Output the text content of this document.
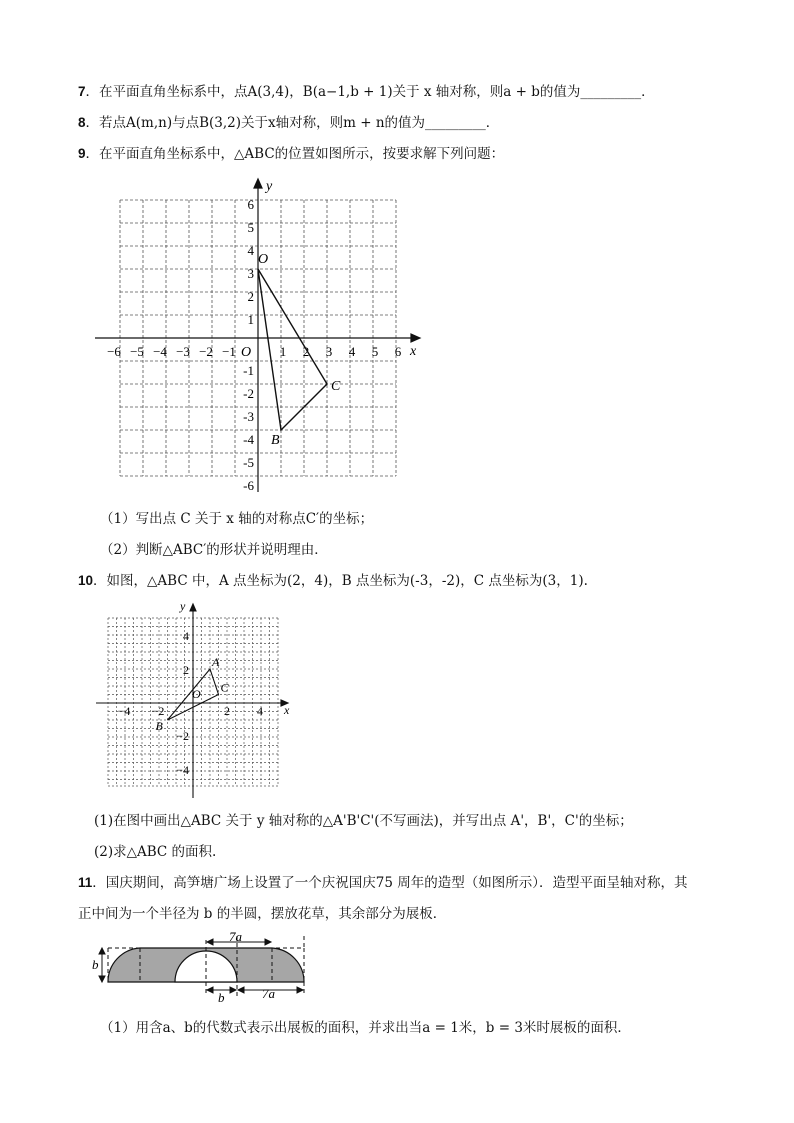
7．在平面直角坐标系中，点A(3,4)，B(a−1,b + 1)关于 x 轴对称，则a + b的值为_________．
8．若点A(m,n)与点B(3,2)关于x轴对称，则m + n的值为_________．
9．在平面直角坐标系中，△ABC的位置如图所示，按要求解下列问题：
x
y
O
−6 −5 −4 −3 −2 −1	1 2 3 4 5 6
6
5
4
3
2
1
-1
-2
-3
-4
-5
-6
O
C
B
（1）写出点 C 关于 x 轴的对称点C′的坐标；
（2）判断△ABC′的形状并说明理由．
10．如图，△ABC 中，A 点坐标为(2，4)，B 点坐标为(-3，-2)，C 点坐标为(3，1).
x
y
O
−4 −2	2 4
4
2
−2
−4
A
C
B
(1)在图中画出△ABC 关于 y 轴对称的△A'B'C'(不写画法)，并写出点 A'，B'，C'的坐标；
(2)求△ABC 的面积.
11．国庆期间，高笋塘广场上设置了一个庆祝国庆75 周年的造型（如图所示）．造型平面呈轴对称，其
正中间为一个半径为 b 的半圆，摆放花草，其余部分为展板．
b
7a
b	7a
（1）用含a、b的代数式表示出展板的面积，并求出当a = 1米，b = 3米时展板的面积．
